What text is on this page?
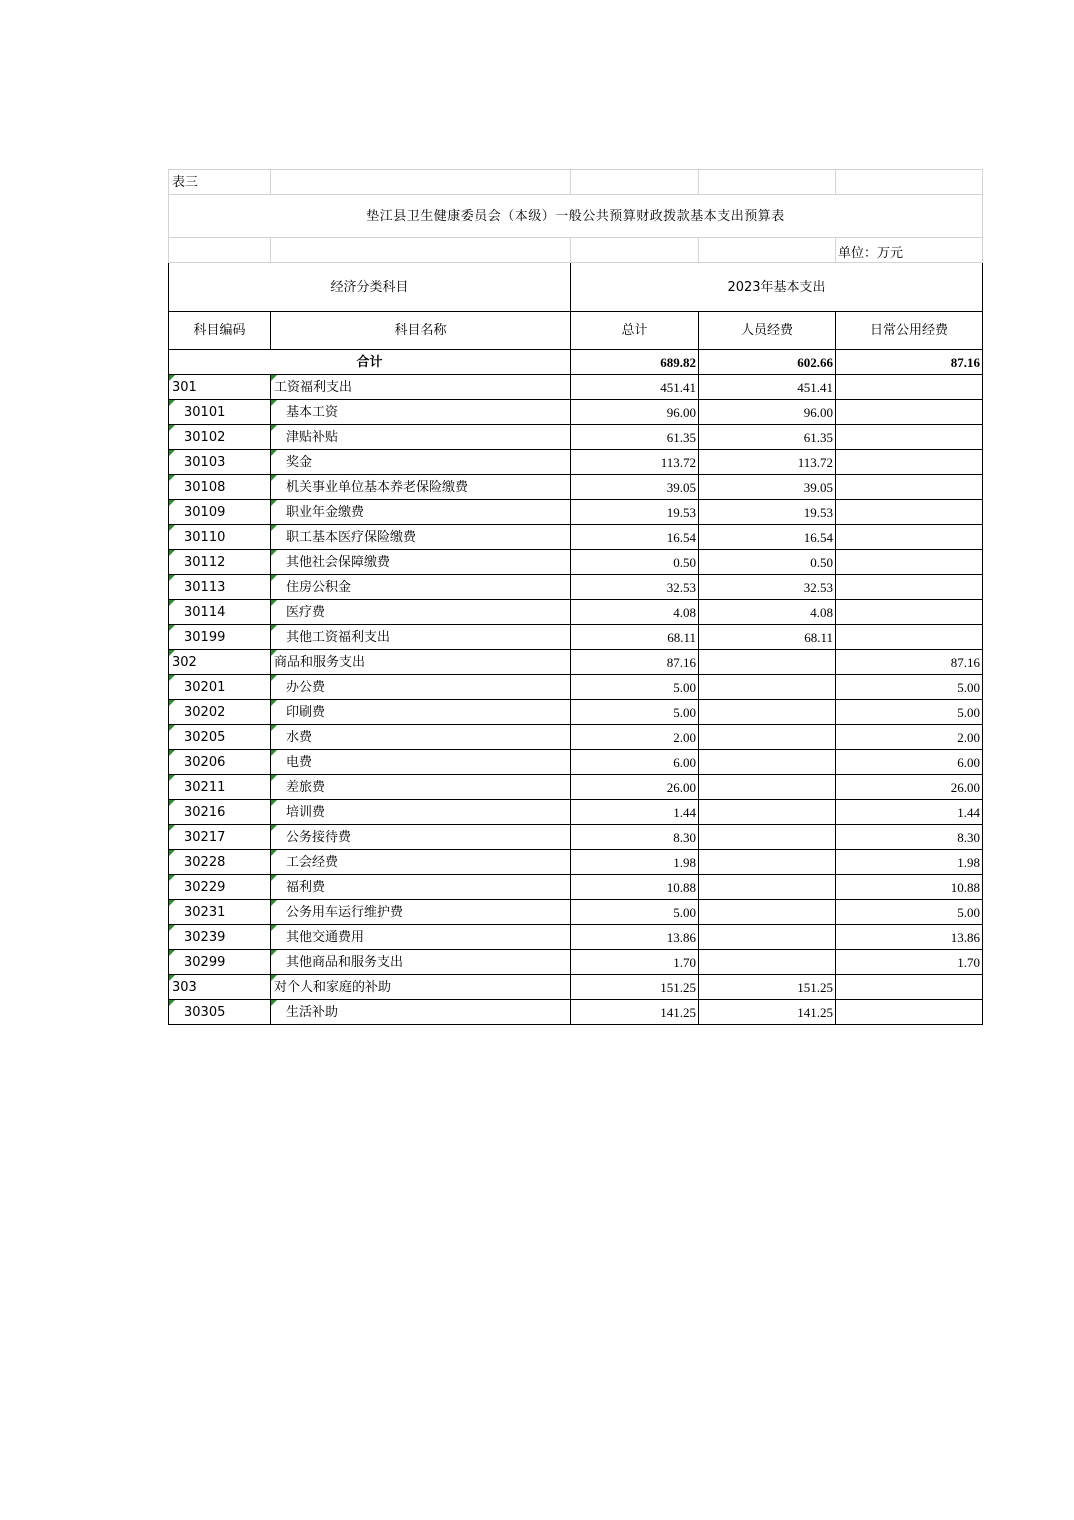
表三				
垫江县卫生健康委员会（本级）一般公共预算财政拨款基本支出预算表				
				单位：万元
经济分类科目		2023年基本支出		
科目编码	科目名称	总计	人员经费	日常公用经费
合计		689.82	602.66	87.16
301	工资福利支出	451.41	451.41	
30101	基本工资	96.00	96.00	
30102	津贴补贴	61.35	61.35	
30103	奖金	113.72	113.72	
30108	机关事业单位基本养老保险缴费	39.05	39.05	
30109	职业年金缴费	19.53	19.53	
30110	职工基本医疗保险缴费	16.54	16.54	
30112	其他社会保障缴费	0.50	0.50	
30113	住房公积金	32.53	32.53	
30114	医疗费	4.08	4.08	
30199	其他工资福利支出	68.11	68.11	
302	商品和服务支出	87.16		87.16
30201	办公费	5.00		5.00
30202	印刷费	5.00		5.00
30205	水费	2.00		2.00
30206	电费	6.00		6.00
30211	差旅费	26.00		26.00
30216	培训费	1.44		1.44
30217	公务接待费	8.30		8.30
30228	工会经费	1.98		1.98
30229	福利费	10.88		10.88
30231	公务用车运行维护费	5.00		5.00
30239	其他交通费用	13.86		13.86
30299	其他商品和服务支出	1.70		1.70
303	对个人和家庭的补助	151.25	151.25	
30305	生活补助	141.25	141.25	
